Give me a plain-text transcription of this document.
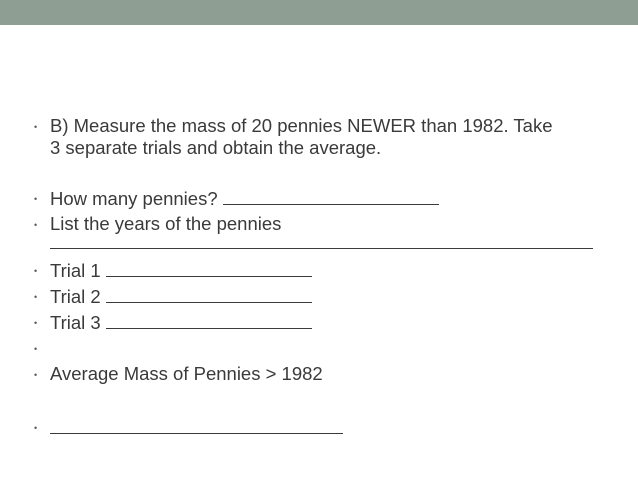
• B) Measure the mass of 20 pennies NEWER than 1982. Take
3 separate trials and obtain the average.
• How many pennies?
• List the years of the pennies
• Trial 1
• Trial 2
• Trial 3
•
• Average Mass of Pennies > 1982
•
